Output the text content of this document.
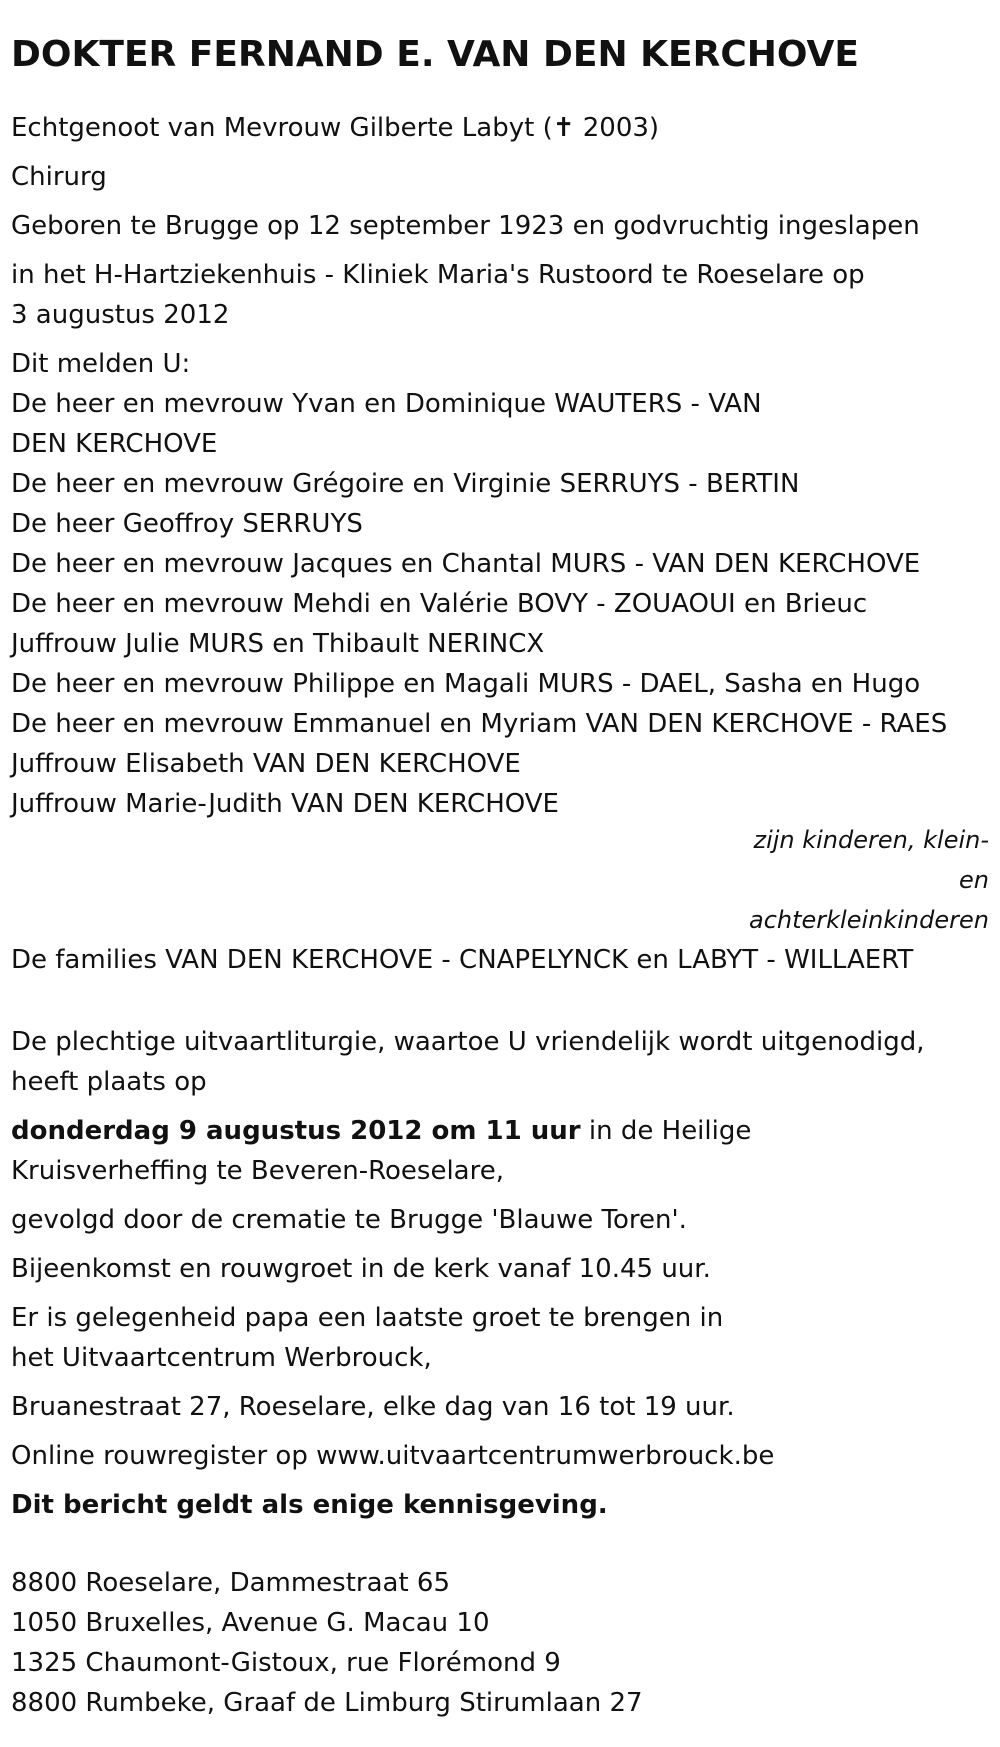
DOKTER FERNAND E. VAN DEN KERCHOVE

Echtgenoot van Mevrouw Gilberte Labyt (✝ 2003)

Chirurg

Geboren te Brugge op 12 september 1923 en godvruchtig ingeslapen

in het H-Hartziekenhuis - Kliniek Maria's Rustoord te Roeselare op 3 augustus 2012

Dit melden U:

De heer en mevrouw Yvan en Dominique WAUTERS - VAN DEN KERCHOVE

De heer en mevrouw Grégoire en Virginie SERRUYS - BERTIN

De heer Geoffroy SERRUYS

De heer en mevrouw Jacques en Chantal MURS - VAN DEN KERCHOVE

De heer en mevrouw Mehdi en Valérie BOVY - ZOUAOUI en Brieuc

Juffrouw Julie MURS en Thibault NERINCX

De heer en mevrouw Philippe en Magali MURS - DAEL, Sasha en Hugo

De heer en mevrouw Emmanuel en Myriam VAN DEN KERCHOVE - RAES

Juffrouw Elisabeth VAN DEN KERCHOVE

Juffrouw Marie-Judith VAN DEN KERCHOVE

zijn kinderen, klein-
en
achterkleinkinderen

De families VAN DEN KERCHOVE - CNAPELYNCK en LABYT - WILLAERT

De plechtige uitvaartliturgie, waartoe U vriendelijk wordt uitgenodigd, heeft plaats op

donderdag 9 augustus 2012 om 11 uur in de Heilige Kruisverheffing te Beveren-Roeselare,

gevolgd door de crematie te Brugge 'Blauwe Toren'.

Bijeenkomst en rouwgroet in de kerk vanaf 10.45 uur.

Er is gelegenheid papa een laatste groet te brengen in het Uitvaartcentrum Werbrouck,

Bruanestraat 27, Roeselare, elke dag van 16 tot 19 uur.

Online rouwregister op www.uitvaartcentrumwerbrouck.be

Dit bericht geldt als enige kennisgeving.

8800 Roeselare, Dammestraat 65

1050 Bruxelles, Avenue G. Macau 10

1325 Chaumont-Gistoux, rue Florémond 9

8800 Rumbeke, Graaf de Limburg Stirumlaan 27
